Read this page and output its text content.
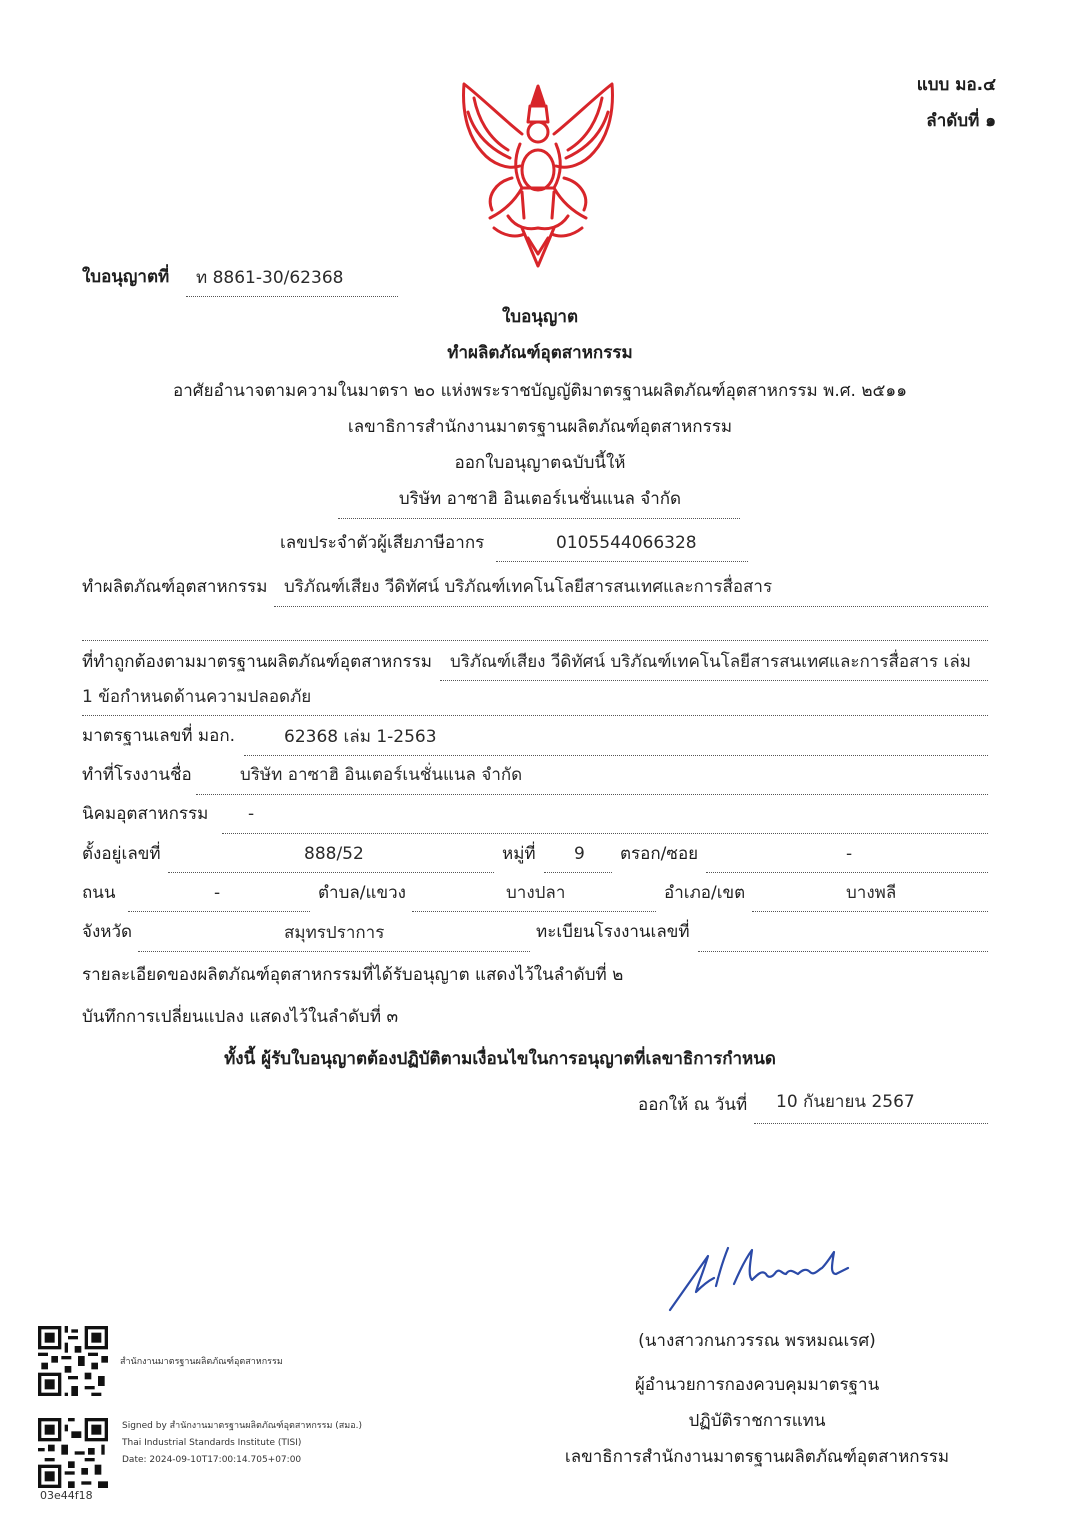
แบบ มอ.๔
ลำดับที่ ๑
ใบอนุญาตที่ ท 8861-30/62368
ใบอนุญาต
ทำผลิตภัณฑ์อุตสาหกรรม
อาศัยอำนาจตามความในมาตรา ๒๐ แห่งพระราชบัญญัติมาตรฐานผลิตภัณฑ์อุตสาหกรรม พ.ศ. ๒๕๑๑
เลขาธิการสำนักงานมาตรฐานผลิตภัณฑ์อุตสาหกรรม
ออกใบอนุญาตฉบับนี้ให้
บริษัท อาซาฮิ อินเตอร์เนชั่นแนล จำกัด
เลขประจำตัวผู้เสียภาษีอากร	0105544066328
ทำผลิตภัณฑ์อุตสาหกรรม บริภัณฑ์เสียง วีดิทัศน์ บริภัณฑ์เทคโนโลยีสารสนเทศและการสื่อสาร
ที่ทำถูกต้องตามมาตรฐานผลิตภัณฑ์อุตสาหกรรม บริภัณฑ์เสียง วีดิทัศน์ บริภัณฑ์เทคโนโลยีสารสนเทศและการสื่อสาร เล่ม
1 ข้อกำหนดด้านความปลอดภัย
มาตรฐานเลขที่ มอก.	62368 เล่ม 1-2563
ทำที่โรงงานชื่อ	บริษัท อาซาฮิ อินเตอร์เนชั่นแนล จำกัด
นิคมอุตสาหกรรม -
ตั้งอยู่เลขที่	888/52	หมู่ที่ 9 ตรอก/ซอย	-
ถนน	-	ตำบล/แขวง	บางปลา	อำเภอ/เขต	บางพลี
จังหวัด	สมุทรปราการ	ทะเบียนโรงงานเลขที่
รายละเอียดของผลิตภัณฑ์อุตสาหกรรมที่ได้รับอนุญาต แสดงไว้ในลำดับที่ ๒
บันทึกการเปลี่ยนแปลง แสดงไว้ในลำดับที่ ๓
ทั้งนี้ ผู้รับใบอนุญาตต้องปฏิบัติตามเงื่อนไขในการอนุญาตที่เลขาธิการกำหนด
ออกให้ ณ วันที่ 10 กันยายน 2567
(นางสาวกนกวรรณ พรหมณเรศ)
ผู้อำนวยการกองควบคุมมาตรฐาน
ปฏิบัติราชการแทน
เลขาธิการสำนักงานมาตรฐานผลิตภัณฑ์อุตสาหกรรม
สำนักงานมาตรฐานผลิตภัณฑ์อุตสาหกรรม
Signed by สำนักงานมาตรฐานผลิตภัณฑ์อุตสาหกรรม (สมอ.)
Thai Industrial Standards Institute (TISI)
Date: 2024-09-10T17:00:14.705+07:00
03e44f18
